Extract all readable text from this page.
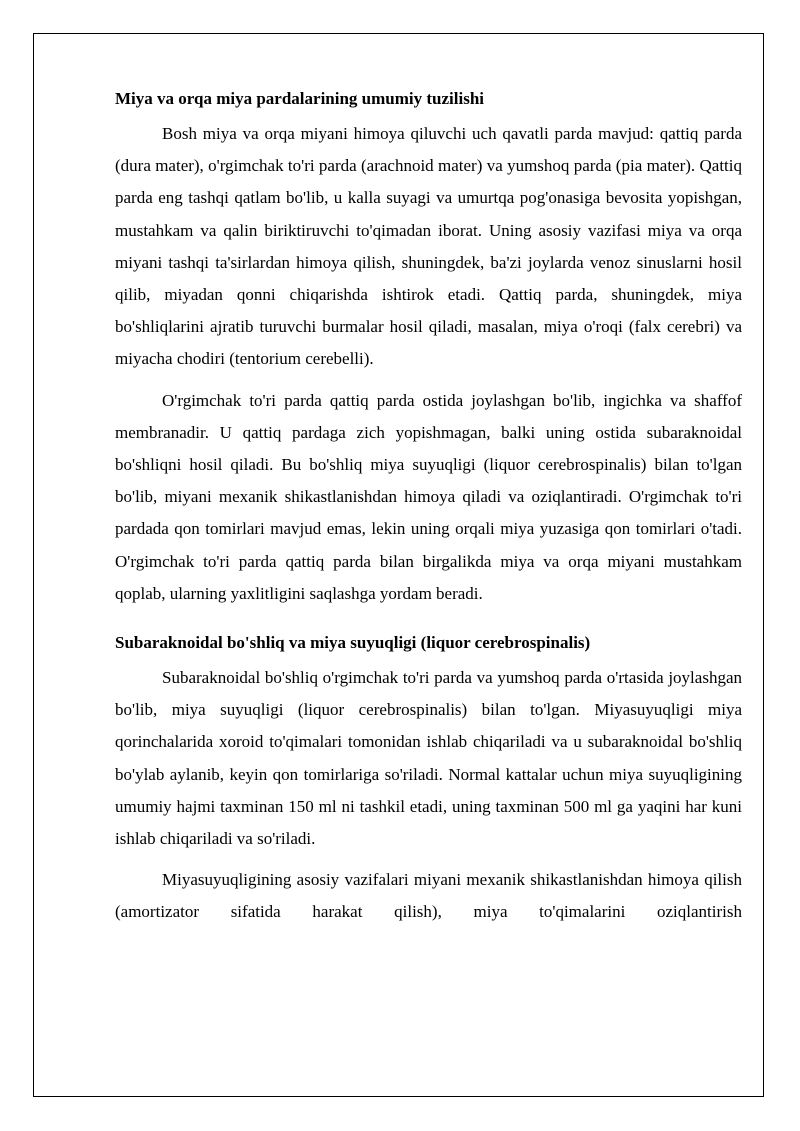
Miya va orqa miya pardalarining umumiy tuzilishi

Bosh miya va orqa miyani himoya qiluvchi uch qavatli parda mavjud: qattiq parda (dura mater), o'rgimchak to'ri parda (arachnoid mater) va yumshoq parda (pia mater). Qattiq parda eng tashqi qatlam bo'lib, u kalla suyagi va umurtqa pog'onasiga bevosita yopishgan, mustahkam va qalin biriktiruvchi to'qimadan iborat. Uning asosiy vazifasi miya va orqa miyani tashqi ta'sirlardan himoya qilish, shuningdek, ba'zi joylarda venoz sinuslarni hosil qilib, miyadan qonni chiqarishda ishtirok etadi. Qattiq parda, shuningdek, miya bo'shliqlarini ajratib turuvchi burmalar hosil qiladi, masalan, miya o'roqi (falx cerebri) va miyacha chodiri (tentorium cerebelli).

O'rgimchak to'ri parda qattiq parda ostida joylashgan bo'lib, ingichka va shaffof membranadir. U qattiq pardaga zich yopishmagan, balki uning ostida subaraknoidal bo'shliqni hosil qiladi. Bu bo'shliq miya suyuqligi (liquor cerebrospinalis) bilan to'lgan bo'lib, miyani mexanik shikastlanishdan himoya qiladi va oziqlantiradi. O'rgimchak to'ri pardada qon tomirlari mavjud emas, lekin uning orqali miya yuzasiga qon tomirlari o'tadi. O'rgimchak to'ri parda qattiq parda bilan birgalikda miya va orqa miyani mustahkam qoplab, ularning yaxlitligini saqlashga yordam beradi.

Subaraknoidal bo'shliq va miya suyuqligi (liquor cerebrospinalis)

Subaraknoidal bo'shliq o'rgimchak to'ri parda va yumshoq parda o'rtasida joylashgan bo'lib, miya suyuqligi (liquor cerebrospinalis) bilan to'lgan. Miyasuyuqligi miya qorinchalarida xoroid to'qimalari tomonidan ishlab chiqariladi va u subaraknoidal bo'shliq bo'ylab aylanib, keyin qon tomirlariga so'riladi. Normal kattalar uchun miya suyuqligining umumiy hajmi taxminan 150 ml ni tashkil etadi, uning taxminan 500 ml ga yaqini har kuni ishlab chiqariladi va so'riladi.

Miyasuyuqligining asosiy vazifalari miyani mexanik shikastlanishdan himoya qilish (amortizator sifatida harakat qilish), miya to'qimalarini oziqlantirish
